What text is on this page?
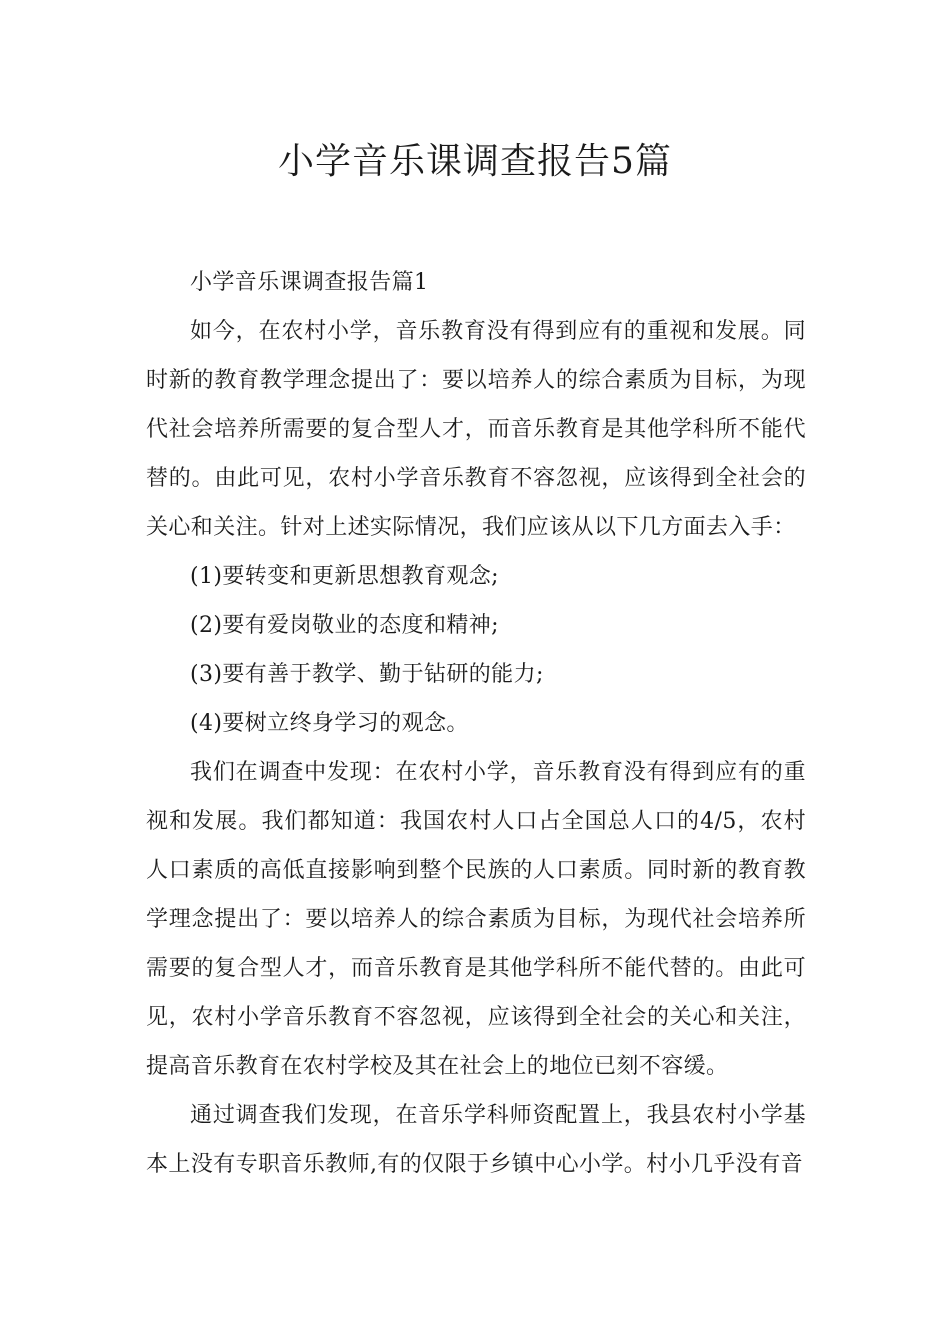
小学音乐课调查报告5篇

小学音乐课调查报告篇1

如今，在农村小学，音乐教育没有得到应有的重视和发展。同时新的教育教学理念提出了：要以培养人的综合素质为目标，为现代社会培养所需要的复合型人才，而音乐教育是其他学科所不能代替的。由此可见，农村小学音乐教育不容忽视，应该得到全社会的关心和关注。针对上述实际情况，我们应该从以下几方面去入手：

(1)要转变和更新思想教育观念;

(2)要有爱岗敬业的态度和精神;

(3)要有善于教学、勤于钻研的能力;

(4)要树立终身学习的观念。

我们在调查中发现：在农村小学，音乐教育没有得到应有的重视和发展。我们都知道：我国农村人口占全国总人口的4/5，农村人口素质的高低直接影响到整个民族的人口素质。同时新的教育教学理念提出了：要以培养人的综合素质为目标，为现代社会培养所需要的复合型人才，而音乐教育是其他学科所不能代替的。由此可见，农村小学音乐教育不容忽视，应该得到全社会的关心和关注，提高音乐教育在农村学校及其在社会上的地位已刻不容缓。

通过调查我们发现，在音乐学科师资配置上，我县农村小学基本上没有专职音乐教师,有的仅限于乡镇中心小学。村小几乎没有音
